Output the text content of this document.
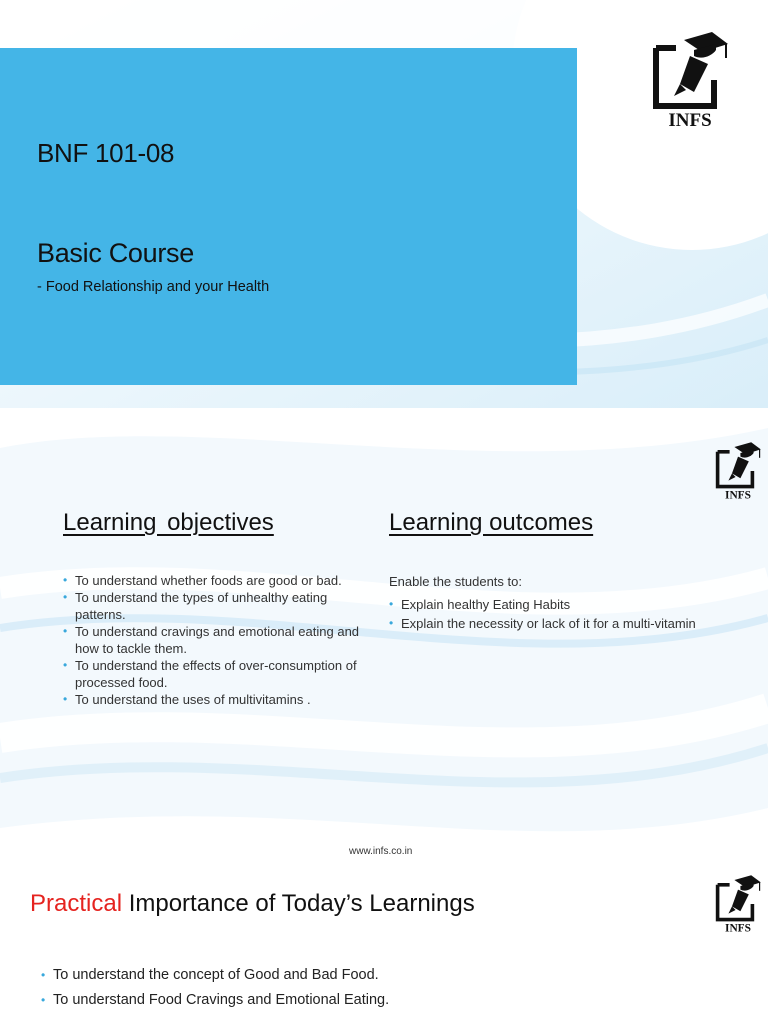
BNF 101-08
Basic Course
- Food Relationship and your Health
INFS
INFS
Learning objectives	Learning outcomes
• To understand whether foods are good or bad.
• To understand the types of unhealthy eating patterns.
• To understand cravings and emotional eating and how to tackle them.
• To understand the effects of over-consumption of processed food.
• To understand the uses of multivitamins .
Enable the students to:
• Explain healthy Eating Habits
• Explain the necessity or lack of it for a multi-vitamin
www.infs.co.in
INFS
Practical Importance of Today’s Learnings
• To understand the concept of Good and Bad Food.
• To understand Food Cravings and Emotional Eating.
